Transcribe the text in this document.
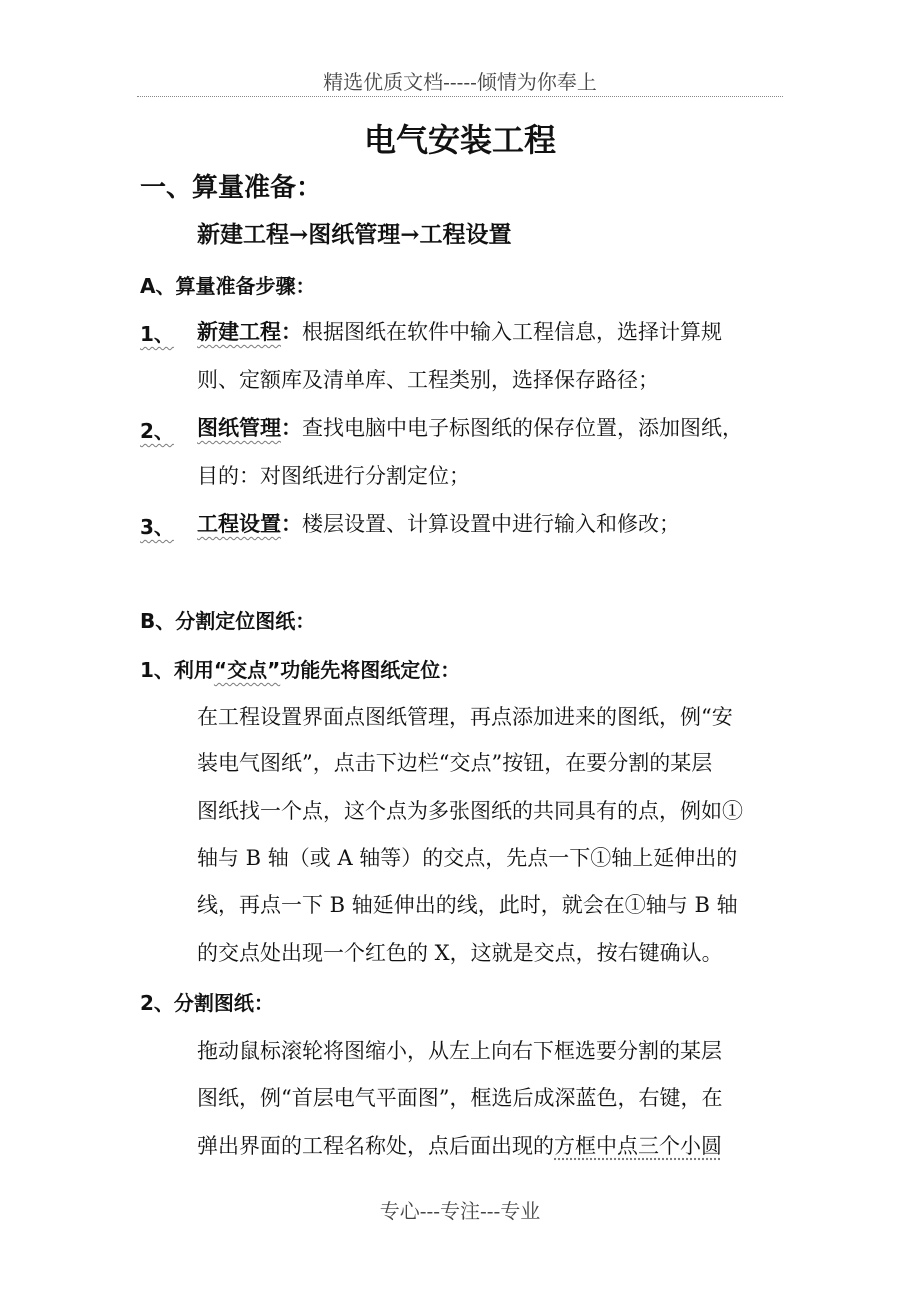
精选优质文档-----倾情为你奉上
电气安装工程
一、算量准备：
新建工程→图纸管理→工程设置
A、算量准备步骤：
1、 新建工程：根据图纸在软件中输入工程信息，选择计算规
则、定额库及清单库、工程类别，选择保存路径；
2、 图纸管理：查找电脑中电子标图纸的保存位置，添加图纸，
目的：对图纸进行分割定位；
3、 工程设置：楼层设置、计算设置中进行输入和修改；
B、分割定位图纸：
1、利用“交点”功能先将图纸定位：
在工程设置界面点图纸管理，再点添加进来的图纸，例“安
装电气图纸”，点击下边栏“交点”按钮，在要分割的某层
图纸找一个点，这个点为多张图纸的共同具有的点，例如①
轴与 B 轴（或 A 轴等）的交点，先点一下①轴上延伸出的
线，再点一下 B 轴延伸出的线，此时，就会在①轴与 B 轴
的交点处出现一个红色的 X，这就是交点，按右键确认。
2、分割图纸：
拖动鼠标滚轮将图缩小，从左上向右下框选要分割的某层
图纸，例“首层电气平面图”，框选后成深蓝色，右键，在
弹出界面的工程名称处，点后面出现的方框中点三个小圆
专心---专注---专业
